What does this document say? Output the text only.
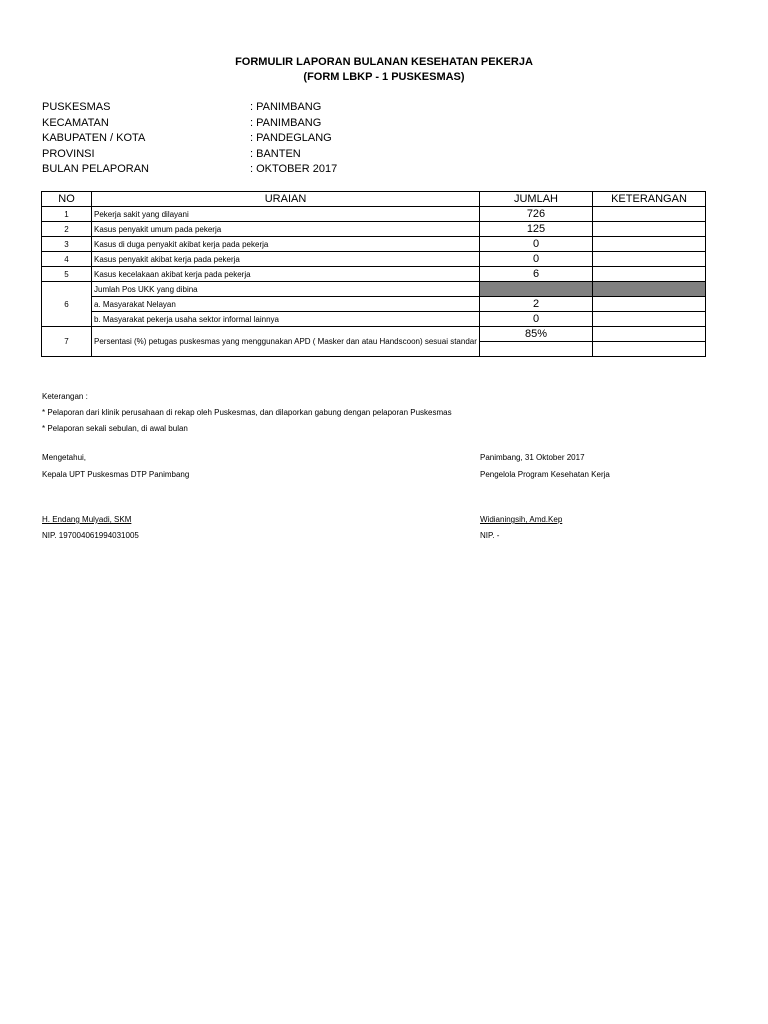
FORMULIR LAPORAN BULANAN KESEHATAN PEKERJA
(FORM LBKP - 1 PUSKESMAS)
PUSKESMAS	: PANIMBANG
KECAMATAN	: PANIMBANG
KABUPATEN / KOTA	: PANDEGLANG
PROVINSI	: BANTEN
BULAN PELAPORAN	: OKTOBER 2017
NO	URAIAN	JUMLAH	KETERANGAN
1	Pekerja sakit yang dilayani	726	
2	Kasus penyakit umum pada pekerja	125	
3	Kasus di duga penyakit akibat kerja pada pekerja	0	
4	Kasus penyakit akibat kerja pada pekerja	0	
5	Kasus kecelakaan akibat kerja pada pekerja	6	
6	Jumlah Pos UKK yang dibina		
	a. Masyarakat Nelayan	2	
	b. Masyarakat pekerja usaha sektor informal lainnya	0	
7	Persentasi (%) petugas puskesmas yang menggunakan APD ( Masker dan atau Handscoon) sesuai standar	85%	

Keterangan :
* Pelaporan dari klinik perusahaan di rekap oleh Puskesmas, dan dilaporkan gabung dengan pelaporan Puskesmas
* Pelaporan sekali sebulan, di awal bulan
Mengetahui,
Kepala UPT Puskesmas DTP Panimbang
H. Endang Mulyadi, SKM
NIP. 197004061994031005
Panimbang, 31 Oktober 2017
Pengelola Program Kesehatan Kerja
Widianingsih, Amd.Kep
NIP. -
